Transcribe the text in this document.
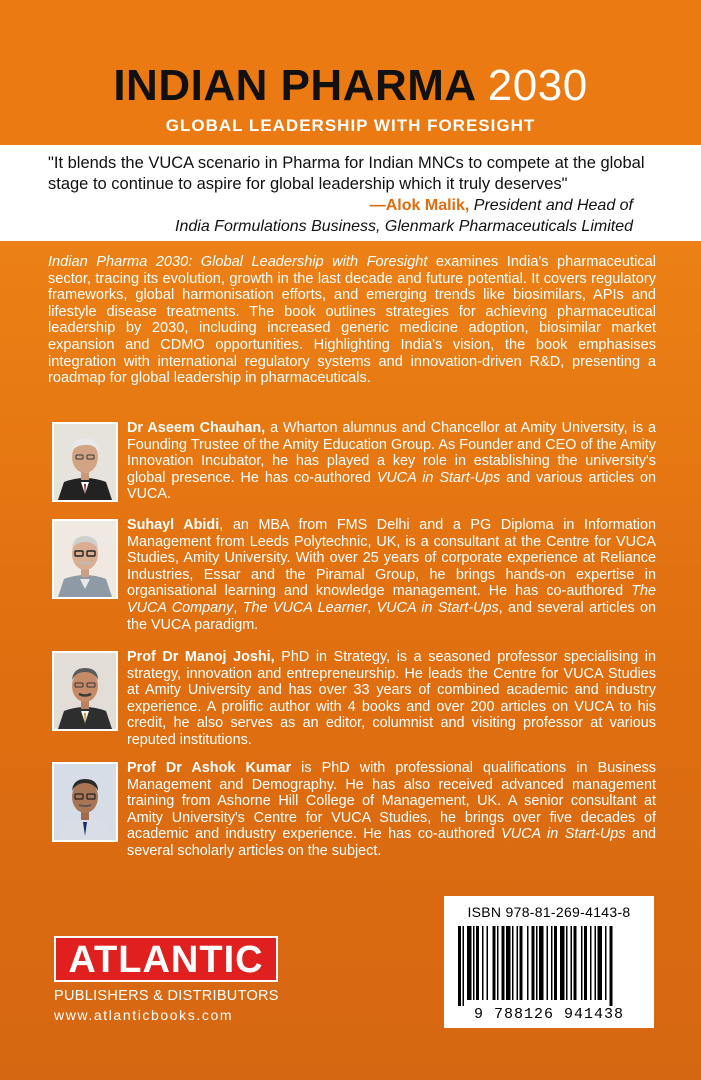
INDIAN PHARMA 2030
GLOBAL LEADERSHIP WITH FORESIGHT
"It blends the VUCA scenario in Pharma for Indian MNCs to compete at the global stage to continue to aspire for global leadership which it truly deserves"
—Alok Malik, President and Head of
India Formulations Business, Glenmark Pharmaceuticals Limited
Indian Pharma 2030: Global Leadership with Foresight examines India's pharmaceutical sector, tracing its evolution, growth in the last decade and future potential. It covers regulatory frameworks, global harmonisation efforts, and emerging trends like biosimilars, APIs and lifestyle disease treatments. The book outlines strategies for achieving pharmaceutical leadership by 2030, including increased generic medicine adoption, biosimilar market expansion and CDMO opportunities. Highlighting India's vision, the book emphasises integration with international regulatory systems and innovation-driven R&D, presenting a roadmap for global leadership in pharmaceuticals.
Dr Aseem Chauhan, a Wharton alumnus and Chancellor at Amity University, is a Founding Trustee of the Amity Education Group. As Founder and CEO of the Amity Innovation Incubator, he has played a key role in establishing the university's global presence. He has co-authored VUCA in Start-Ups and various articles on VUCA.
Suhayl Abidi, an MBA from FMS Delhi and a PG Diploma in Information Management from Leeds Polytechnic, UK, is a consultant at the Centre for VUCA Studies, Amity University. With over 25 years of corporate experience at Reliance Industries, Essar and the Piramal Group, he brings hands-on expertise in organisational learning and knowledge management. He has co-authored The VUCA Company, The VUCA Learner, VUCA in Start-Ups, and several articles on the VUCA paradigm.
Prof Dr Manoj Joshi, PhD in Strategy, is a seasoned professor specialising in strategy, innovation and entrepreneurship. He leads the Centre for VUCA Studies at Amity University and has over 33 years of combined academic and industry experience. A prolific author with 4 books and over 200 articles on VUCA to his credit, he also serves as an editor, columnist and visiting professor at various reputed institutions.
Prof Dr Ashok Kumar is PhD with professional qualifications in Business Management and Demography. He has also received advanced management training from Ashorne Hill College of Management, UK. A senior consultant at Amity University's Centre for VUCA Studies, he brings over five decades of academic and industry experience. He has co-authored VUCA in Start-Ups and several scholarly articles on the subject.
ATLANTIC
PUBLISHERS & DISTRIBUTORS
www.atlanticbooks.com
ISBN 978-81-269-4143-8
9 788126 941438
